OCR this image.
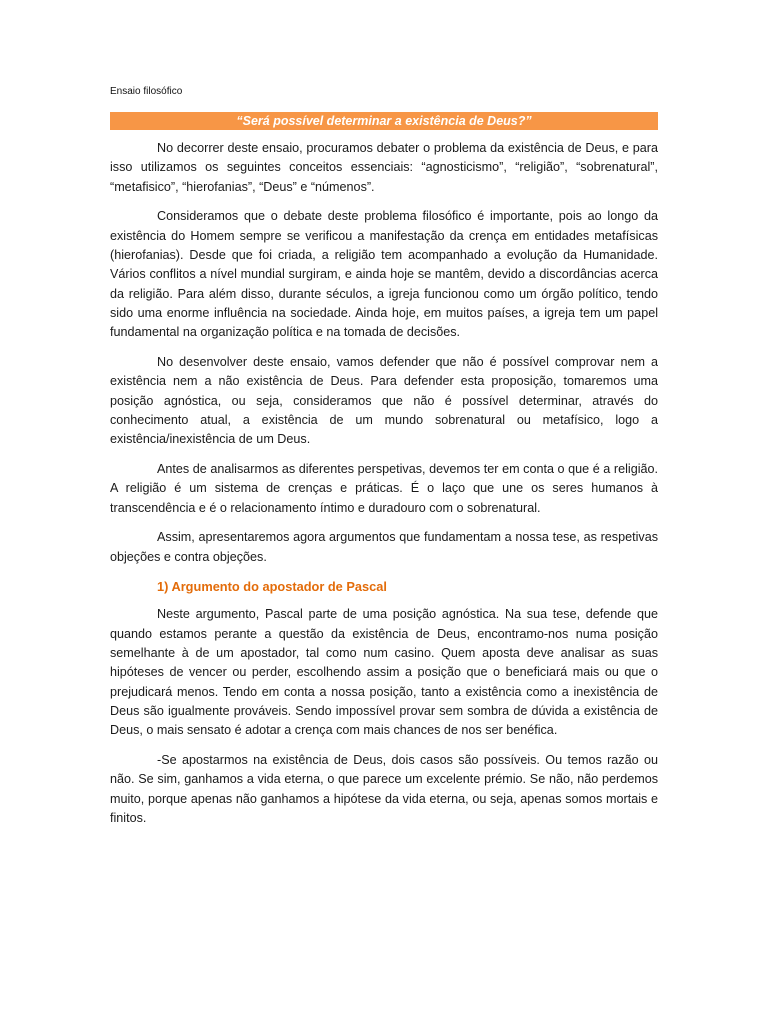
Ensaio filosófico
“Será possível determinar a existência de Deus?”

No decorrer deste ensaio, procuramos debater o problema da existência de Deus, e para isso utilizamos os seguintes conceitos essenciais: “agnosticismo”, “religião”, “sobrenatural”, “metafisico”, “hierofanias”, “Deus” e “númenos”.

Consideramos que o debate deste problema filosófico é importante, pois ao longo da existência do Homem sempre se verificou a manifestação da crença em entidades metafísicas (hierofanias). Desde que foi criada, a religião tem acompanhado a evolução da Humanidade. Vários conflitos a nível mundial surgiram, e ainda hoje se mantêm, devido a discordâncias acerca da religião. Para além disso, durante séculos, a igreja funcionou como um órgão político, tendo sido uma enorme influência na sociedade. Ainda hoje, em muitos países, a igreja tem um papel fundamental na organização política e na tomada de decisões.

No desenvolver deste ensaio, vamos defender que não é possível comprovar nem a existência nem a não existência de Deus. Para defender esta proposição, tomaremos uma posição agnóstica, ou seja, consideramos que não é possível determinar, através do conhecimento atual, a existência de um mundo sobrenatural ou metafísico, logo a existência/inexistência de um Deus.

Antes de analisarmos as diferentes perspetivas, devemos ter em conta o que é a religião. A religião é um sistema de crenças e práticas. É o laço que une os seres humanos à transcendência e é o relacionamento íntimo e duradouro com o sobrenatural.

Assim, apresentaremos agora argumentos que fundamentam a nossa tese, as respetivas objeções e contra objeções.

1) Argumento do apostador de Pascal

Neste argumento, Pascal parte de uma posição agnóstica. Na sua tese, defende que quando estamos perante a questão da existência de Deus, encontramo-nos numa posição semelhante à de um apostador, tal como num casino. Quem aposta deve analisar as suas hipóteses de vencer ou perder, escolhendo assim a posição que o beneficiará mais ou que o prejudicará menos. Tendo em conta a nossa posição, tanto a existência como a inexistência de Deus são igualmente prováveis. Sendo impossível provar sem sombra de dúvida a existência de Deus, o mais sensato é adotar a crença com mais chances de nos ser benéfica.

-Se apostarmos na existência de Deus, dois casos são possíveis. Ou temos razão ou não. Se sim, ganhamos a vida eterna, o que parece um excelente prémio. Se não, não perdemos muito, porque apenas não ganhamos a hipótese da vida eterna, ou seja, apenas somos mortais e finitos.
